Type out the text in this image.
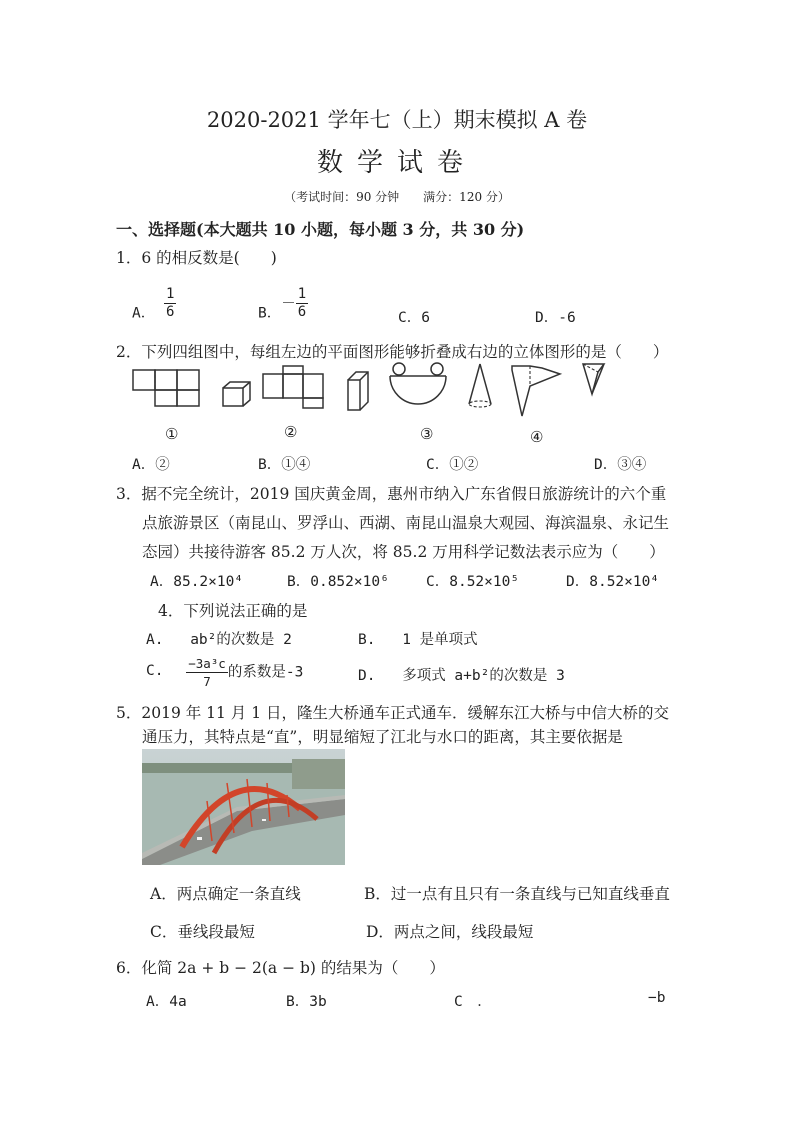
2020-2021 学年七（上）期末模拟 A 卷
数学试卷
（考试时间：90 分钟　　满分：120 分）
一、选择题(本大题共 10 小题，每小题 3 分，共 30 分)
1．6 的相反数是(　　)
A． $\frac{1}{6}$	B．－ $\frac{1}{6}$	C．6	D．-6
2．下列四组图中，每组左边的平面图形能够折叠成右边的立体图形的是（　　）
①	②	③	④
A．②	B．①④	C．①②	D．③④
3．据不完全统计，2019 国庆黄金周，惠州市纳入广东省假日旅游统计的六个重
点旅游景区（南昆山、罗浮山、西湖、南昆山温泉大观园、海滨温泉、永记生
态园）共接待游客 85.2 万人次，将 85.2 万用科学记数法表示应为（　　）
A．85.2×10⁴	B．0.852×10⁶	C．8.52×10⁵	D．8.52×10⁴
4．下列说法正确的是
A. ab²的次数是 2	B. 1 是单项式
C. $\frac{\text{−3a³c}}{7}$ 的系数是-3	D. 多项式 a+b²的次数是 3
5．2019 年 11 月 1 日，隆生大桥通车正式通车．缓解东江大桥与中信大桥的交
通压力，其特点是“直”，明显缩短了江北与水口的距离，其主要依据是
A．两点确定一条直线	B．过一点有且只有一条直线与已知直线垂直
C．垂线段最短	D．两点之间，线段最短
6．化简 2a + b − 2(a − b) 的结果为（　　）
A．4a	B．3b	C　．	−b
